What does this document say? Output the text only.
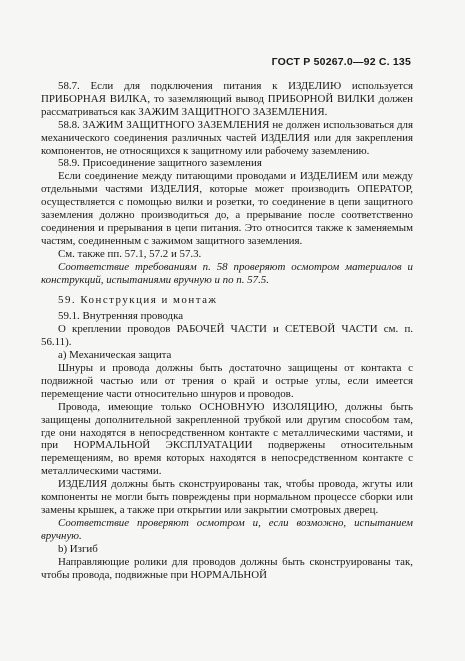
ГОСТ Р 50267.0—92 С. 135

58.7. Если для подключения питания к ИЗДЕЛИЮ используется ПРИБОРНАЯ ВИЛКА, то заземляющий вывод ПРИБОРНОЙ ВИЛКИ должен рассматриваться как ЗАЖИМ ЗАЩИТНОГО ЗАЗЕМЛЕНИЯ.

58.8. ЗАЖИМ ЗАЩИТНОГО ЗАЗЕМЛЕНИЯ не должен использоваться для механического соединения различных частей ИЗДЕЛИЯ или для закрепления компонентов, не относящихся к защитному или рабочему заземлению.

58.9. Присоединение защитного заземления

Если соединение между питающими проводами и ИЗДЕЛИЕМ или между отдельными частями ИЗДЕЛИЯ, которые может производить ОПЕРАТОР, осуществляется с помощью вилки и розетки, то соединение в цепи защитного заземления должно производиться до, а прерывание после соответственно соединения и прерывания в цепи питания. Это относится также к заменяемым частям, соединенным с зажимом защитного заземления.

См. также пп. 57.1, 57.2 и 57.3.

Соответствие требованиям п. 58 проверяют осмотром материалов и конструкций, испытаниями вручную и по п. 57.5.

59. Конструкция и монтаж

59.1. Внутренняя проводка

О креплении проводов РАБОЧЕЙ ЧАСТИ и СЕТЕВОЙ ЧАСТИ см. п. 56.11).

а) Механическая защита

Шнуры и провода должны быть достаточно защищены от контакта с подвижной частью или от трения о край и острые углы, если имеется перемещение части относительно шнуров и проводов.

Провода, имеющие только ОСНОВНУЮ ИЗОЛЯЦИЮ, должны быть защищены дополнительной закрепленной трубкой или другим способом там, где они находятся в непосредственном контакте с металлическими частями, и при НОРМАЛЬНОЙ ЭКСПЛУАТАЦИИ подвержены относительным перемещениям, во время которых находятся в непосредственном контакте с металлическими частями.

ИЗДЕЛИЯ должны быть сконструированы так, чтобы провода, жгуты или компоненты не могли быть повреждены при нормальном процессе сборки или замены крышек, а также при открытии или закрытии смотровых дверец.

Соответствие проверяют осмотром и, если возможно, испытанием вручную.

b) Изгиб

Направляющие ролики для проводов должны быть сконструированы так, чтобы провода, подвижные при НОРМАЛЬНОЙ
